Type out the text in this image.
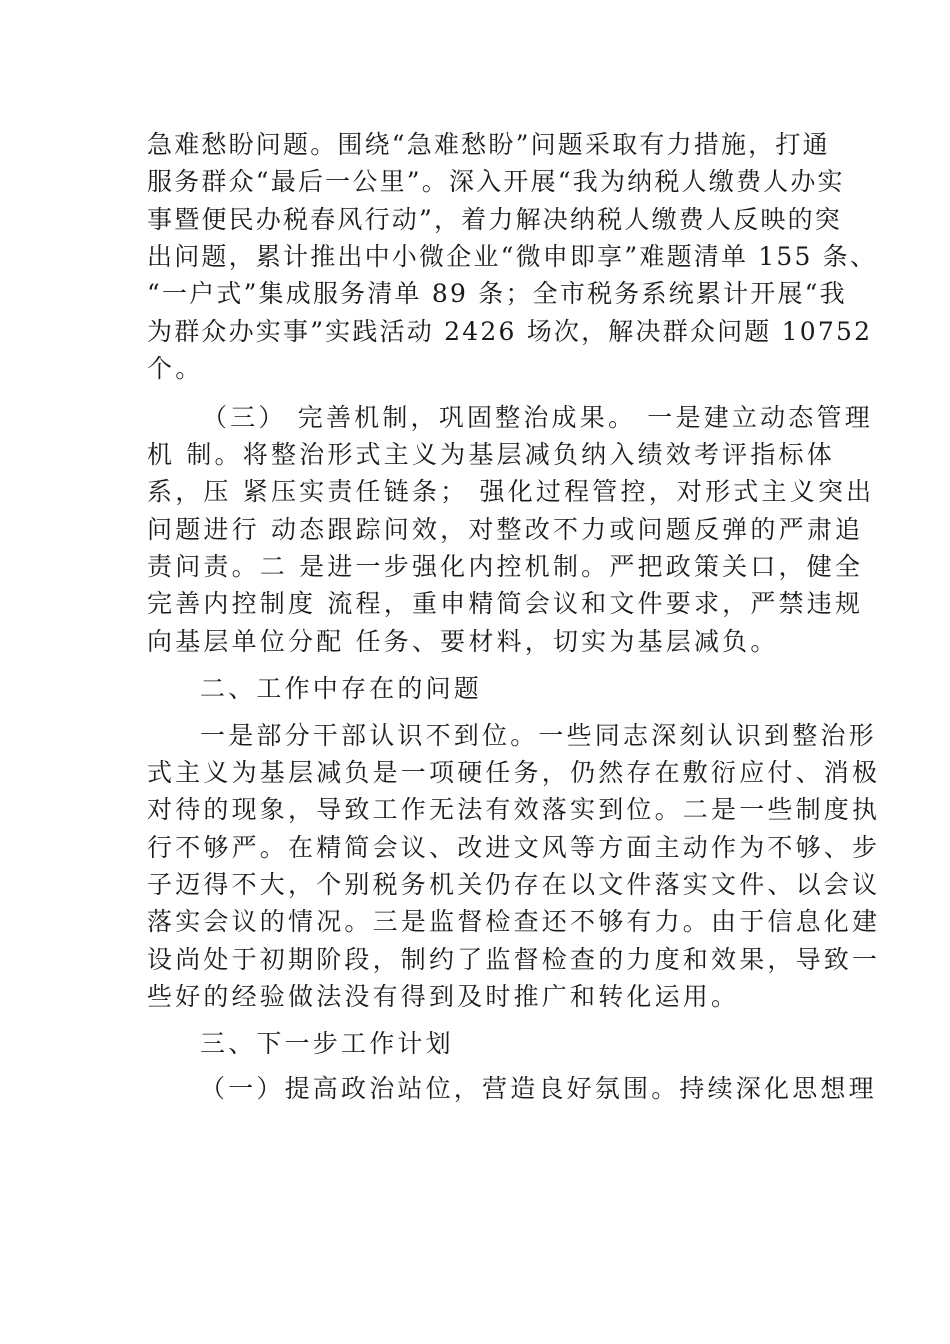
急难愁盼问题。围绕“急难愁盼”问题采取有力措施，打通
服务群众“最后一公里”。深入开展“我为纳税人缴费人办实
事暨便民办税春风行动”，着力解决纳税人缴费人反映的突
出问题，累计推出中小微企业“微申即享”难题清单 155 条、
“一户式”集成服务清单 89 条；全市税务系统累计开展“我
为群众办实事”实践活动 2426 场次，解决群众问题 10752
个。
（三） 完善机制，巩固整治成果。 一是建立动态管理
机 制。将整治形式主义为基层减负纳入绩效考评指标体
系，压 紧压实责任链条； 强化过程管控，对形式主义突出
问题进行 动态跟踪问效，对整改不力或问题反弹的严肃追
责问责。二 是进一步强化内控机制。严把政策关口，健全
完善内控制度 流程，重申精简会议和文件要求，严禁违规
向基层单位分配 任务、要材料，切实为基层减负。
二、工作中存在的问题
一是部分干部认识不到位。一些同志深刻认识到整治形
式主义为基层减负是一项硬任务，仍然存在敷衍应付、消极
对待的现象，导致工作无法有效落实到位。二是一些制度执
行不够严。在精简会议、改进文风等方面主动作为不够、步
子迈得不大，个别税务机关仍存在以文件落实文件、以会议
落实会议的情况。三是监督检查还不够有力。由于信息化建
设尚处于初期阶段，制约了监督检查的力度和效果，导致一
些好的经验做法没有得到及时推广和转化运用。
三、下一步工作计划
（一）提高政治站位，营造良好氛围。持续深化思想理
